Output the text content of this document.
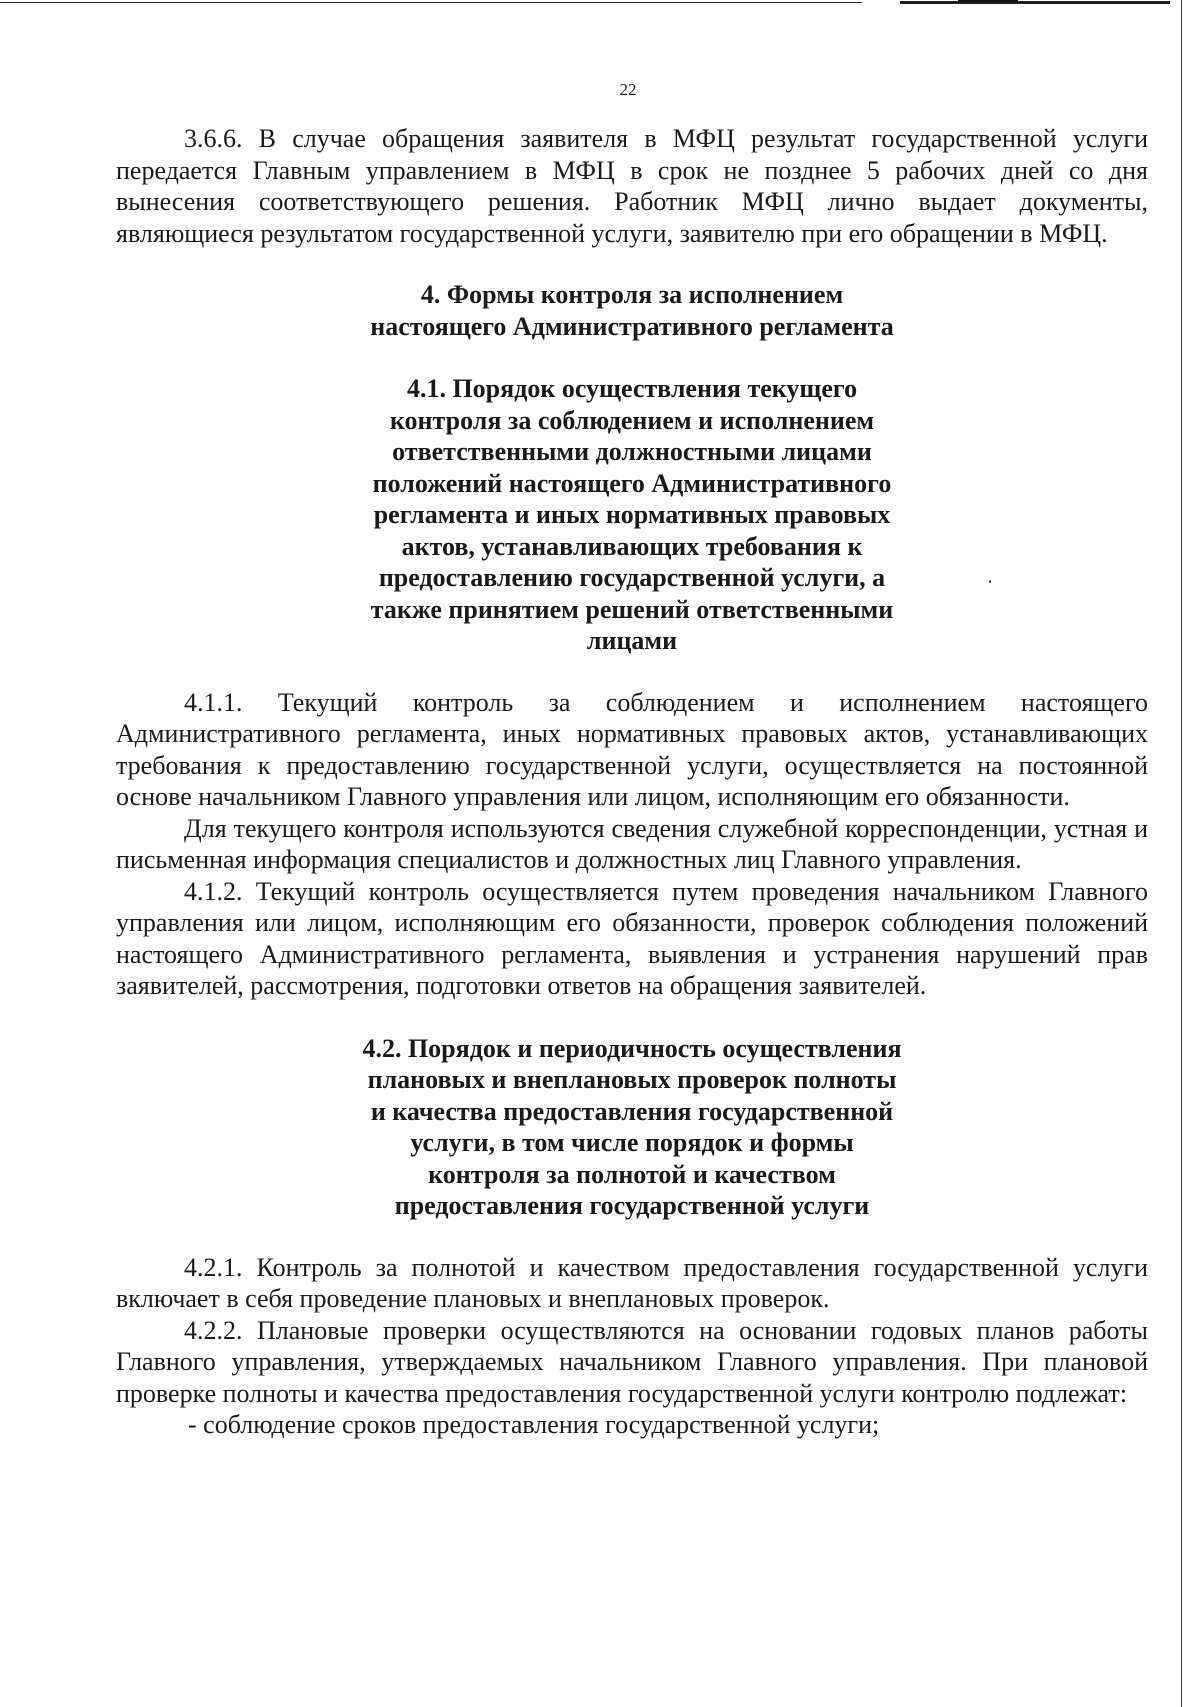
22

3.6.6. В случае обращения заявителя в МФЦ результат государственной услуги передается Главным управлением в МФЦ в срок не позднее 5 рабочих дней со дня вынесения соответствующего решения. Работник МФЦ лично выдает документы, являющиеся результатом государственной услуги, заявителю при его обращении в МФЦ.

4. Формы контроля за исполнением настоящего Административного регламента
4.1. Порядок осуществления текущего контроля за соблюдением и исполнением ответственными должностными лицами положений настоящего Административного регламента и иных нормативных правовых актов, устанавливающих требования к предоставлению государственной услуги, а также принятием решений ответственными лицами

4.1.1. Текущий контроль за соблюдением и исполнением настоящего Административного регламента, иных нормативных правовых актов, устанавливающих требования к предоставлению государственной услуги, осуществляется на постоянной основе начальником Главного управления или лицом, исполняющим его обязанности.

Для текущего контроля используются сведения служебной корреспонденции, устная и письменная информация специалистов и должностных лиц Главного управления.

4.1.2. Текущий контроль осуществляется путем проведения начальником Главного управления или лицом, исполняющим его обязанности, проверок соблюдения положений настоящего Административного регламента, выявления и устранения нарушений прав заявителей, рассмотрения, подготовки ответов на обращения заявителей.

4.2. Порядок и периодичность осуществления плановых и внеплановых проверок полноты и качества предоставления государственной услуги, в том числе порядок и формы контроля за полнотой и качеством предоставления государственной услуги

4.2.1. Контроль за полнотой и качеством предоставления государственной услуги включает в себя проведение плановых и внеплановых проверок.

4.2.2. Плановые проверки осуществляются на основании годовых планов работы Главного управления, утверждаемых начальником Главного управления. При плановой проверке полноты и качества предоставления государственной услуги контролю подлежат:

- соблюдение сроков предоставления государственной услуги;
